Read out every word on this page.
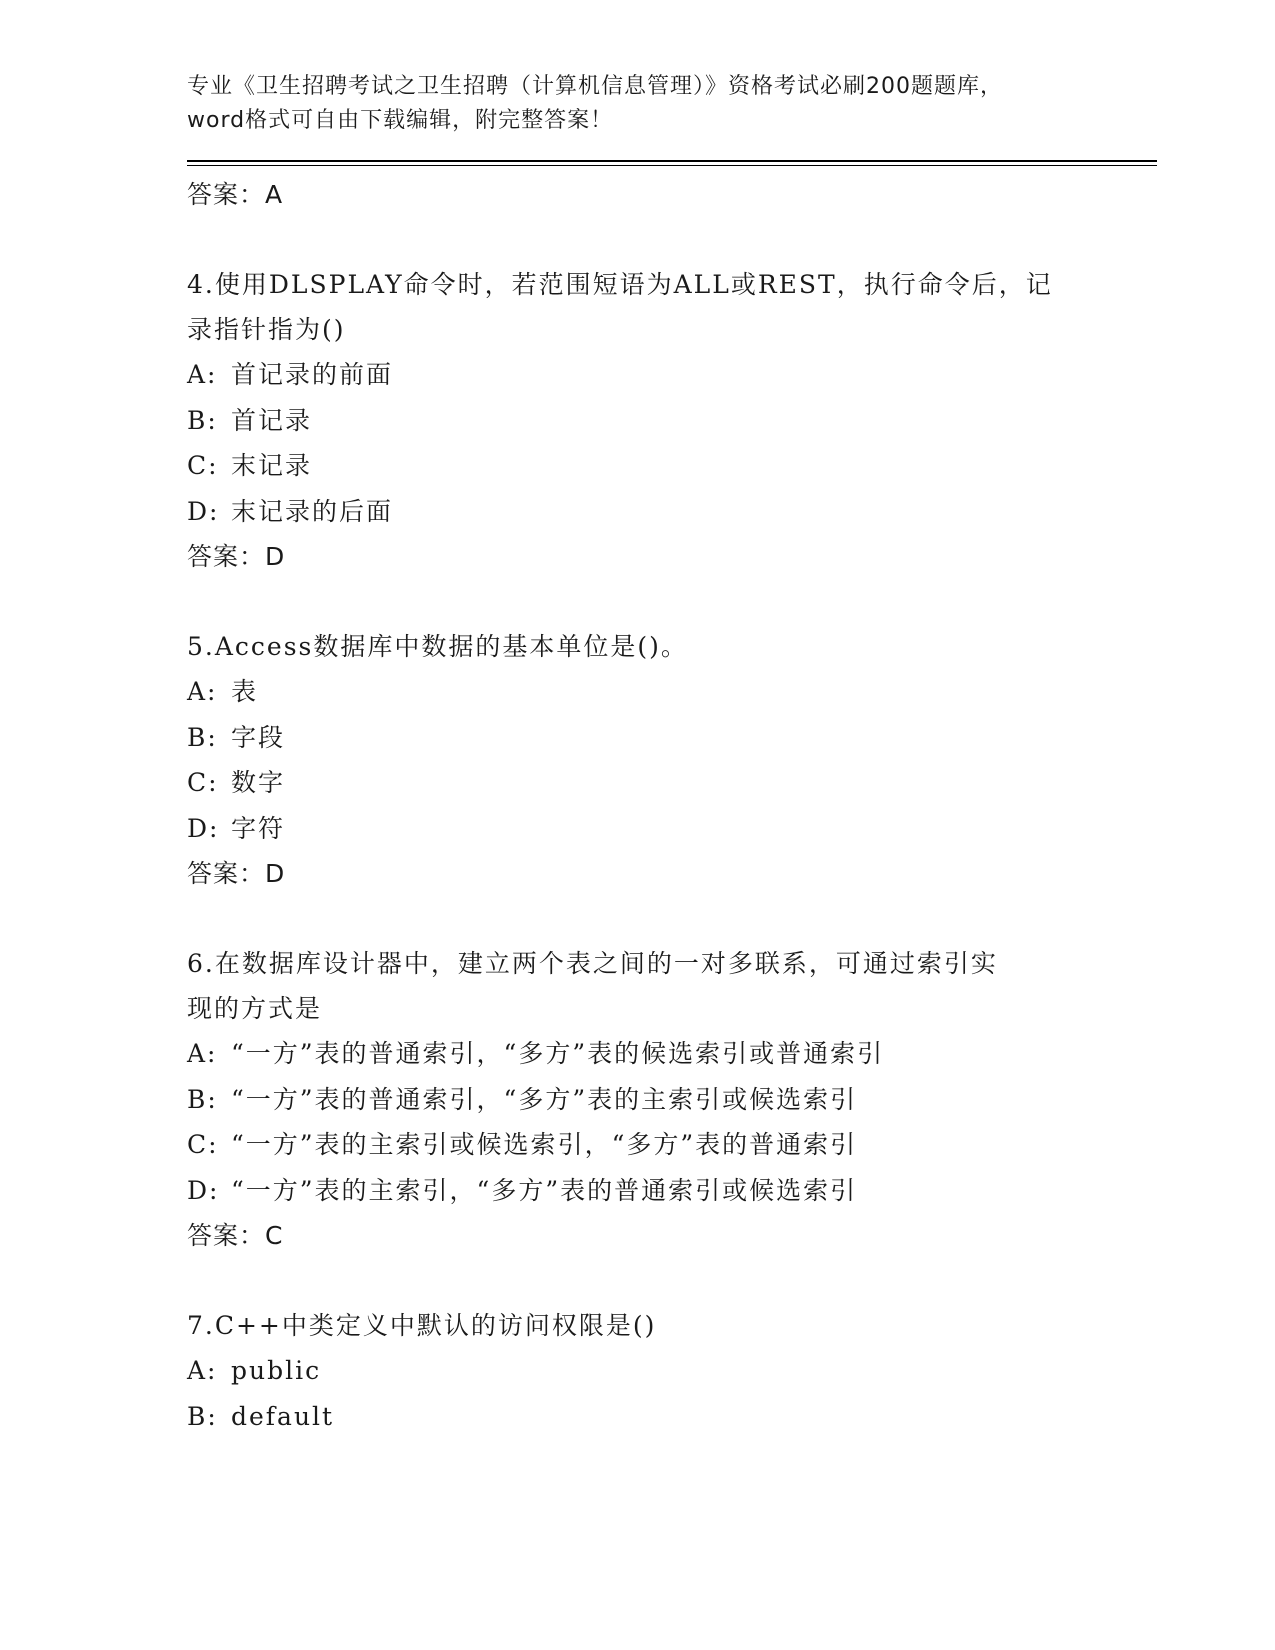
专业《卫生招聘考试之卫生招聘（计算机信息管理）》资格考试必刷200题题库，
word格式可自由下载编辑，附完整答案！
答案：A
4.使用DLSPLAY命令时，若范围短语为ALL或REST，执行命令后，记
录指针指为()
A: 首记录的前面
B: 首记录
C: 末记录
D: 末记录的后面
答案：D
5.Access数据库中数据的基本单位是()。
A: 表
B: 字段
C: 数字
D: 字符
答案：D
6.在数据库设计器中，建立两个表之间的一对多联系，可通过索引实
现的方式是
A: “一方”表的普通索引，“多方”表的候选索引或普通索引
B: “一方”表的普通索引，“多方”表的主索引或候选索引
C: “一方”表的主索引或候选索引，“多方”表的普通索引
D: “一方”表的主索引，“多方”表的普通索引或候选索引
答案：C
7.C++中类定义中默认的访问权限是()
A: public
B: default
